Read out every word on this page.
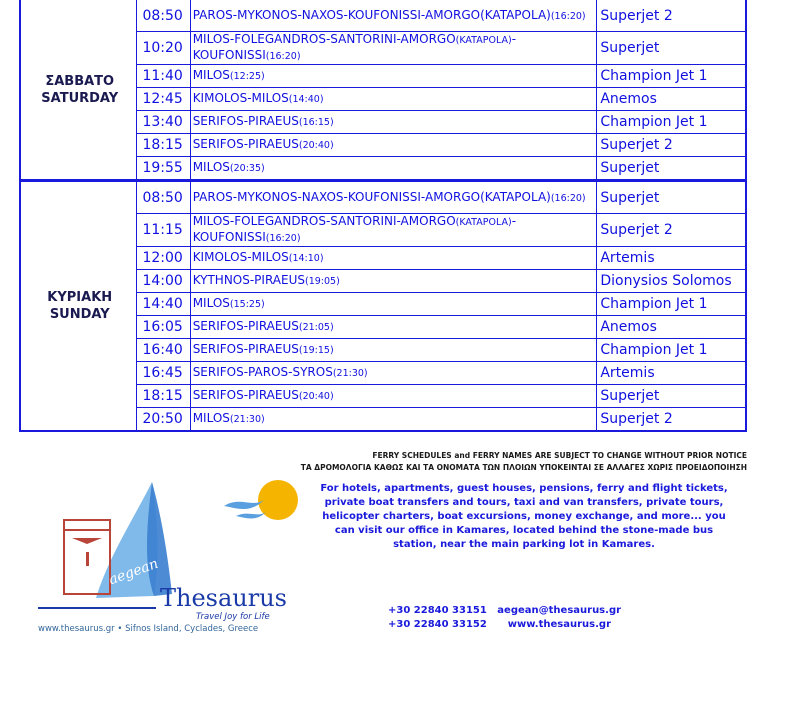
ΣΑΒΒΑΤΟ
SATURDAY	08:50	PAROS-MYKONOS-NAXOS-KOUFONISSI-AMORGO(KATAPOLA)(16:20)	Superjet 2
	10:20	MILOS-FOLEGANDROS-SANTORINI-AMORGO(KATAPOLA)-KOUFONISSI(16:20)	Superjet
	11:40	MILOS(12:25)	Champion Jet 1
	12:45	KIMOLOS-MILOS(14:40)	Anemos
	13:40	SERIFOS-PIRAEUS(16:15)	Champion Jet 1
	18:15	SERIFOS-PIRAEUS(20:40)	Superjet 2
	19:55	MILOS(20:35)	Superjet

ΚΥΡΙΑΚΗ
SUNDAY	08:50	PAROS-MYKONOS-NAXOS-KOUFONISSI-AMORGO(KATAPOLA)(16:20)	Superjet
	11:15	MILOS-FOLEGANDROS-SANTORINI-AMORGO(KATAPOLA)-KOUFONISSI(16:20)	Superjet 2
	12:00	KIMOLOS-MILOS(14:10)	Artemis
	14:00	KYTHNOS-PIRAEUS(19:05)	Dionysios Solomos
	14:40	MILOS(15:25)	Champion Jet 1
	16:05	SERIFOS-PIRAEUS(21:05)	Anemos
	16:40	SERIFOS-PIRAEUS(19:15)	Champion Jet 1
	16:45	SERIFOS-PAROS-SYROS(21:30)	Artemis
	18:15	SERIFOS-PIRAEUS(20:40)	Superjet
	20:50	MILOS(21:30)	Superjet 2
FERRY SCHEDULES and FERRY NAMES ARE SUBJECT TO CHANGE WITHOUT PRIOR NOTICE
ΤΑ ΔΡΟΜΟΛΟΓΙΑ ΚΑΘΩΣ ΚΑΙ ΤΑ ΟΝΟΜΑΤΑ ΤΩΝ ΠΛΟΙΩΝ ΥΠΟΚΕΙΝΤΑΙ ΣΕ ΑΛΛΑΓΕΣ ΧΩΡΙΣ ΠΡΟΕΙΔΟΠΟΙΗΣΗ
Thesaurus
Travel Joy for Life
www.thesaurus.gr • Sifnos Island, Cyclades, Greece
aegean
For hotels, apartments, guest houses, pensions, ferry and flight tickets, private boat transfers and tours, taxi and van transfers, private tours, helicopter charters, boat excursions, money exchange, and more... you can visit our office in Kamares, located behind the stone-made bus station, near the main parking lot in Kamares.
+30 22840 33151 aegean@thesaurus.gr
+30 22840 33152 www.thesaurus.gr
